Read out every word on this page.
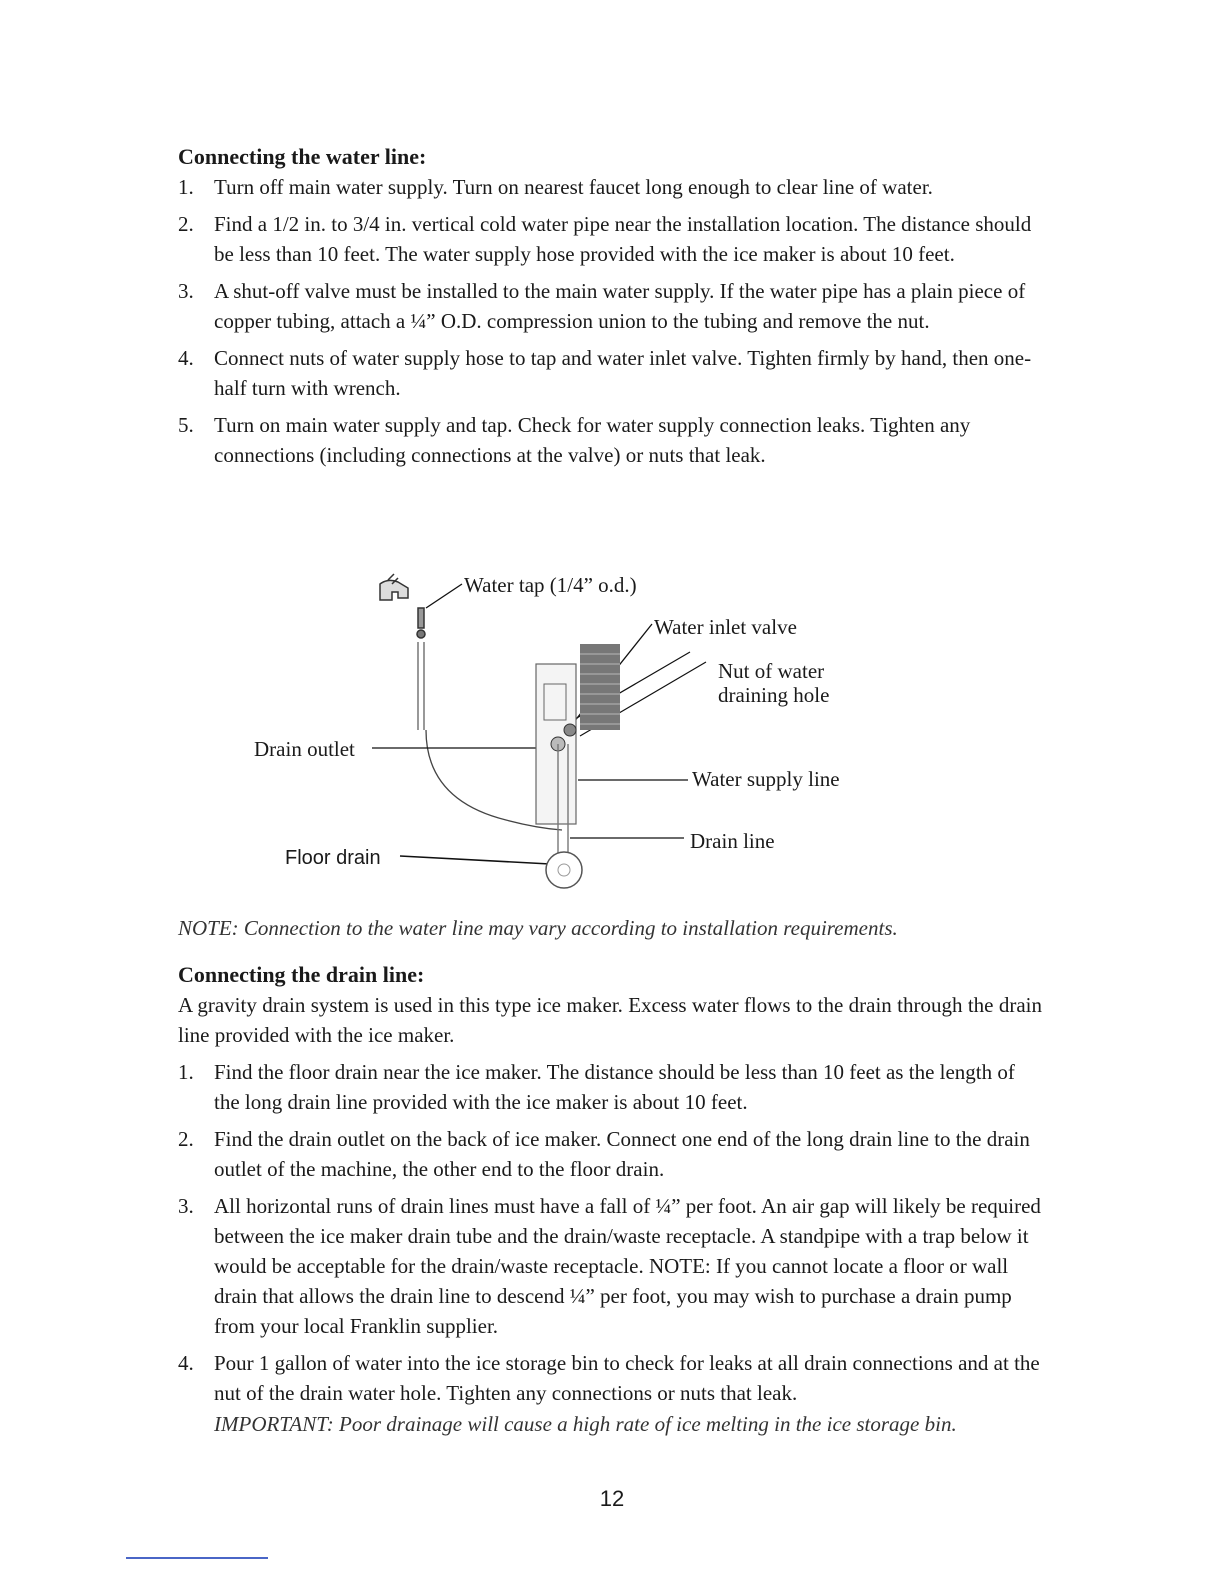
Connecting the water line:
1. Turn off main water supply. Turn on nearest faucet long enough to clear line of water.
2. Find a 1/2 in. to 3/4 in. vertical cold water pipe near the installation location. The distance should be less than 10 feet. The water supply hose provided with the ice maker is about 10 feet.
3. A shut-off valve must be installed to the main water supply. If the water pipe has a plain piece of copper tubing, attach a ¼” O.D. compression union to the tubing and remove the nut.
4. Connect nuts of water supply hose to tap and water inlet valve. Tighten firmly by hand, then one-half turn with wrench.
5. Turn on main water supply and tap. Check for water supply connection leaks. Tighten any connections (including connections at the valve) or nuts that leak.
Water tap (1/4” o.d.)
Water inlet valve
Nut of water
draining hole
Drain outlet
Water supply line
Drain line
Floor drain
NOTE: Connection to the water line may vary according to installation requirements.
Connecting the drain line:
A gravity drain system is used in this type ice maker. Excess water flows to the drain through the drain line provided with the ice maker.
1. Find the floor drain near the ice maker. The distance should be less than 10 feet as the length of the long drain line provided with the ice maker is about 10 feet.
2. Find the drain outlet on the back of ice maker. Connect one end of the long drain line to the drain outlet of the machine, the other end to the floor drain.
3. All horizontal runs of drain lines must have a fall of ¼” per foot. An air gap will likely be required between the ice maker drain tube and the drain/waste receptacle. A standpipe with a trap below it would be acceptable for the drain/waste receptacle. NOTE: If you cannot locate a floor or wall drain that allows the drain line to descend ¼” per foot, you may wish to purchase a drain pump from your local Franklin supplier.
4. Pour 1 gallon of water into the ice storage bin to check for leaks at all drain connections and at the nut of the drain water hole. Tighten any connections or nuts that leak.
IMPORTANT: Poor drainage will cause a high rate of ice melting in the ice storage bin.
12
